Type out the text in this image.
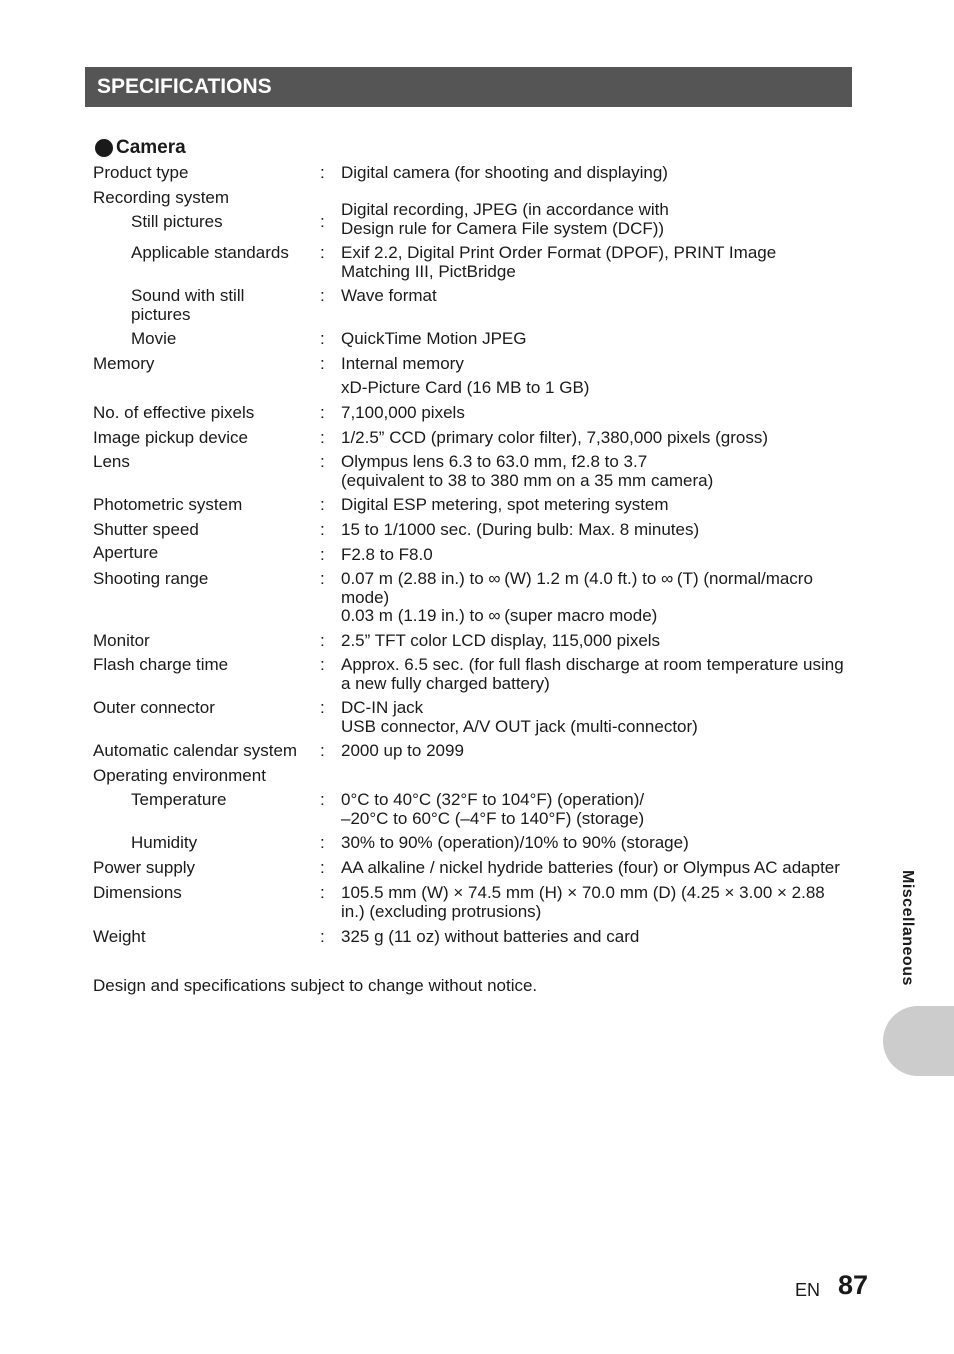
SPECIFICATIONS
Camera
Product type	: Digital camera (for shooting and displaying)
Recording system
Still pictures	:
Digital recording, JPEG (in accordance with
Design rule for Camera File system (DCF))
Applicable standards	: Exif 2.2, Digital Print Order Format (DPOF), PRINT Image
Matching III, PictBridge
Sound with still
pictures
: Wave format
Movie	: QuickTime Motion JPEG
Memory	: Internal memory
xD-Picture Card (16 MB to 1 GB)
No. of effective pixels	: 7,100,000 pixels
Image pickup device	: 1/2.5” CCD (primary color filter), 7,380,000 pixels (gross)
Lens	: Olympus lens 6.3 to 63.0 mm, f2.8 to 3.7
(equivalent to 38 to 380 mm on a 35 mm camera)
Photometric system	: Digital ESP metering, spot metering system
Shutter speed	: 15 to 1/1000 sec. (During bulb: Max. 8 minutes)
Aperture	: F2.8 to F8.0
Shooting range	: 0.07 m (2.88 in.) to ∞ (W) 1.2 m (4.0 ft.) to ∞ (T) (normal/macro
mode)
0.03 m (1.19 in.) to ∞ (super macro mode)
Monitor	: 2.5” TFT color LCD display, 115,000 pixels
Flash charge time	: Approx. 6.5 sec. (for full flash discharge at room temperature using
a new fully charged battery)
Outer connector	: DC-IN jack
USB connector, A/V OUT jack (multi-connector)
Automatic calendar system	: 2000 up to 2099
Operating environment
Temperature	: 0°C to 40°C (32°F to 104°F) (operation)/
–20°C to 60°C (–4°F to 140°F) (storage)
Humidity	: 30% to 90% (operation)/10% to 90% (storage)
Power supply	: AA alkaline / nickel hydride batteries (four) or Olympus AC adapter
Dimensions	: 105.5 mm (W) × 74.5 mm (H) × 70.0 mm (D) (4.25 × 3.00 × 2.88
in.) (excluding protrusions)
Weight	: 325 g (11 oz) without batteries and card
Design and specifications subject to change without notice.	Miscellaneous
EN 87
